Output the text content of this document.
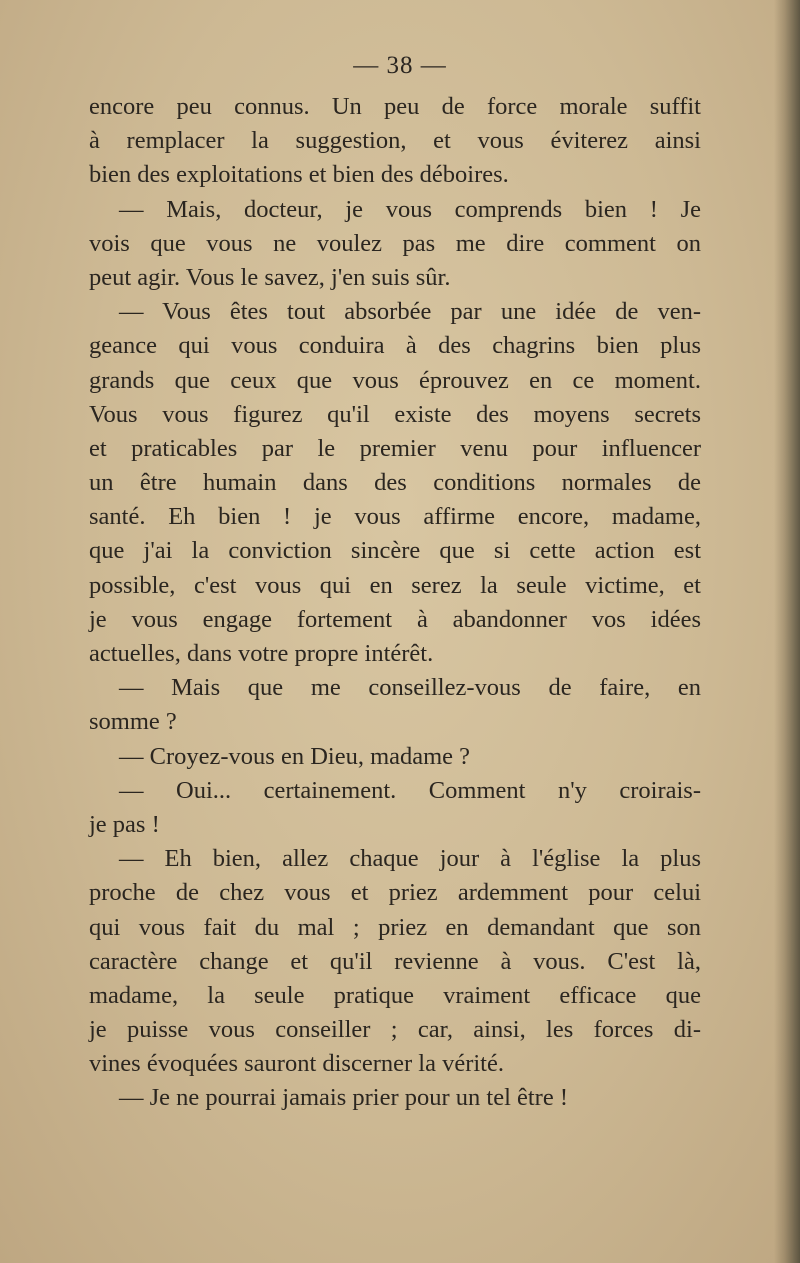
— 38 —
encore peu connus. Un peu de force morale suffit
à remplacer la suggestion, et vous éviterez ainsi
bien des exploitations et bien des déboires.
— Mais, docteur, je vous comprends bien ! Je
vois que vous ne voulez pas me dire comment on
peut agir. Vous le savez, j'en suis sûr.
— Vous êtes tout absorbée par une idée de ven-
geance qui vous conduira à des chagrins bien plus
grands que ceux que vous éprouvez en ce moment.
Vous vous figurez qu'il existe des moyens secrets
et praticables par le premier venu pour influencer
un être humain dans des conditions normales de
santé. Eh bien ! je vous affirme encore, madame,
que j'ai la conviction sincère que si cette action est
possible, c'est vous qui en serez la seule victime, et
je vous engage fortement à abandonner vos idées
actuelles, dans votre propre intérêt.
— Mais que me conseillez-vous de faire, en
somme ?
— Croyez-vous en Dieu, madame ?
— Oui... certainement. Comment n'y croirais-
je pas !
— Eh bien, allez chaque jour à l'église la plus
proche de chez vous et priez ardemment pour celui
qui vous fait du mal ; priez en demandant que son
caractère change et qu'il revienne à vous. C'est là,
madame, la seule pratique vraiment efficace que
je puisse vous conseiller ; car, ainsi, les forces di-
vines évoquées sauront discerner la vérité.
— Je ne pourrai jamais prier pour un tel être !
